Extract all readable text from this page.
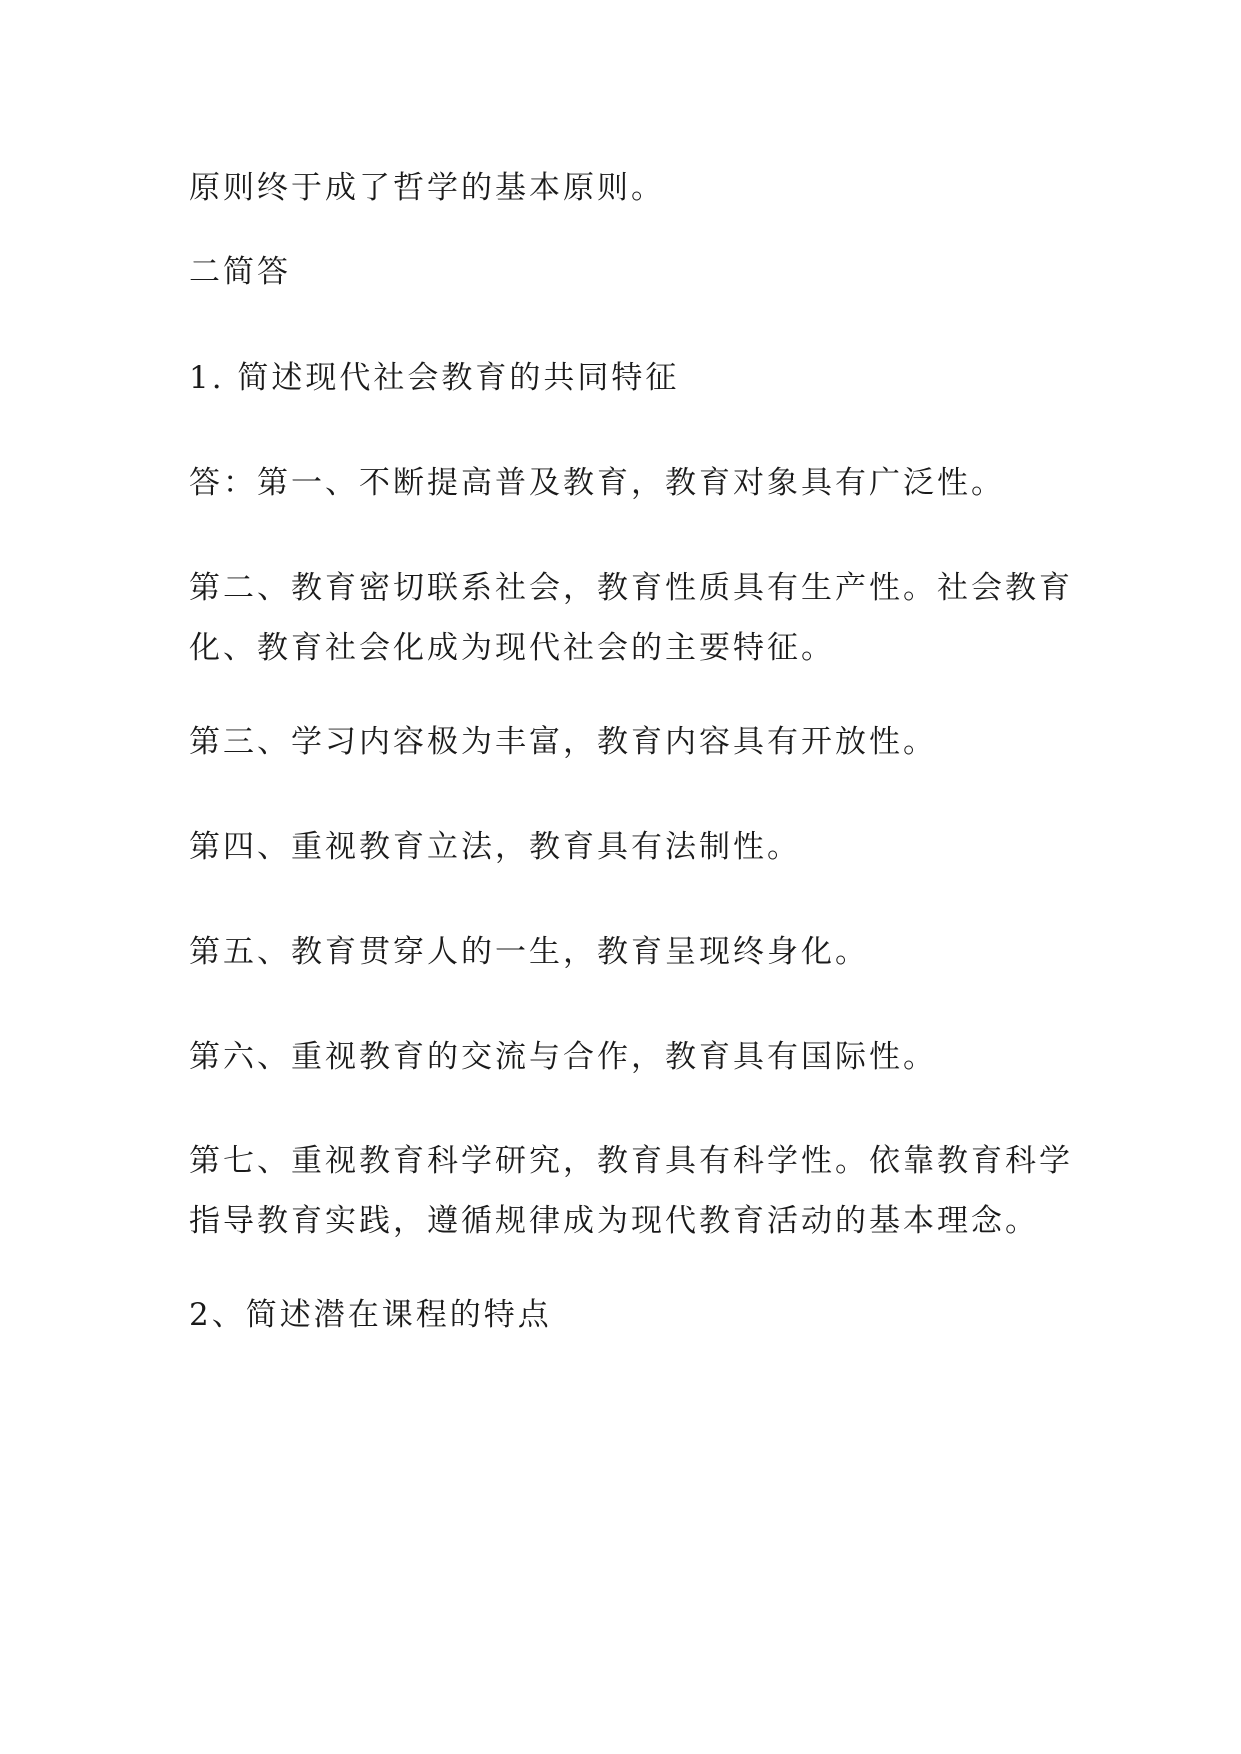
原则终于成了哲学的基本原则。

二简答

1. 简述现代社会教育的共同特征

答：第一、不断提高普及教育，教育对象具有广泛性。

第二、教育密切联系社会，教育性质具有生产性。社会教育
化、教育社会化成为现代社会的主要特征。

第三、学习内容极为丰富，教育内容具有开放性。

第四、重视教育立法，教育具有法制性。

第五、教育贯穿人的一生，教育呈现终身化。

第六、重视教育的交流与合作，教育具有国际性。

第七、重视教育科学研究，教育具有科学性。依靠教育科学
指导教育实践，遵循规律成为现代教育活动的基本理念。

2、简述潜在课程的特点
